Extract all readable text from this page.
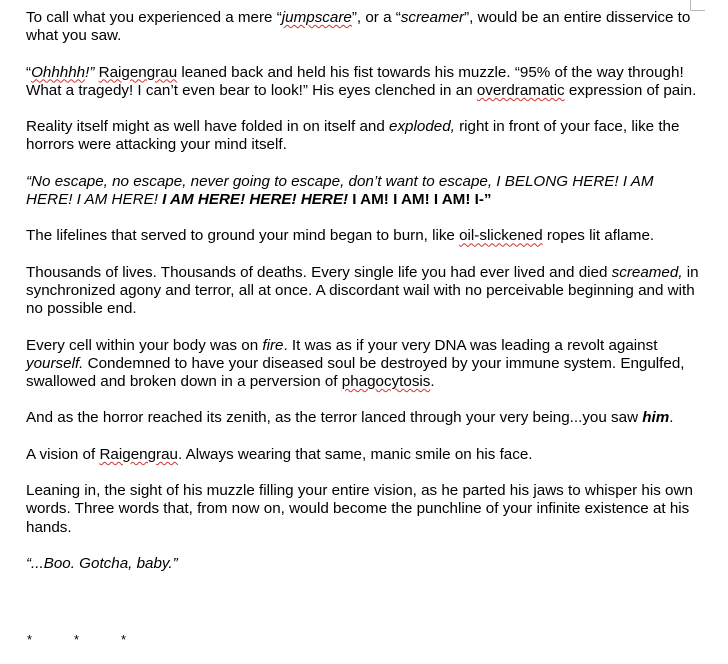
To call what you experienced a mere “jumpscare”, or a “screamer”, would be an entire disservice to what you saw.

“Ohhhhh!” Raigengrau leaned back and held his fist towards his muzzle. “95% of the way through! What a tragedy! I can’t even bear to look!” His eyes clenched in an overdramatic expression of pain.

Reality itself might as well have folded in on itself and exploded, right in front of your face, like the horrors were attacking your mind itself.

“No escape, no escape, never going to escape, don’t want to escape, I BELONG HERE! I AM HERE! I AM HERE! I AM HERE! HERE! HERE! I AM! I AM! I AM! I-”

The lifelines that served to ground your mind began to burn, like oil-slickened ropes lit aflame.

Thousands of lives. Thousands of deaths. Every single life you had ever lived and died screamed, in synchronized agony and terror, all at once. A discordant wail with no perceivable beginning and with no possible end.

Every cell within your body was on fire. It was as if your very DNA was leading a revolt against yourself. Condemned to have your diseased soul be destroyed by your immune system. Engulfed, swallowed and broken down in a perversion of phagocytosis.

And as the horror reached its zenith, as the terror lanced through your very being...you saw him.

A vision of Raigengrau. Always wearing that same, manic smile on his face.

Leaning in, the sight of his muzzle filling your entire vision, as he parted his jaws to whisper his own words. Three words that, from now on, would become the punchline of your infinite existence at his hands.

“...Boo. Gotcha, baby.”

*	*	*
